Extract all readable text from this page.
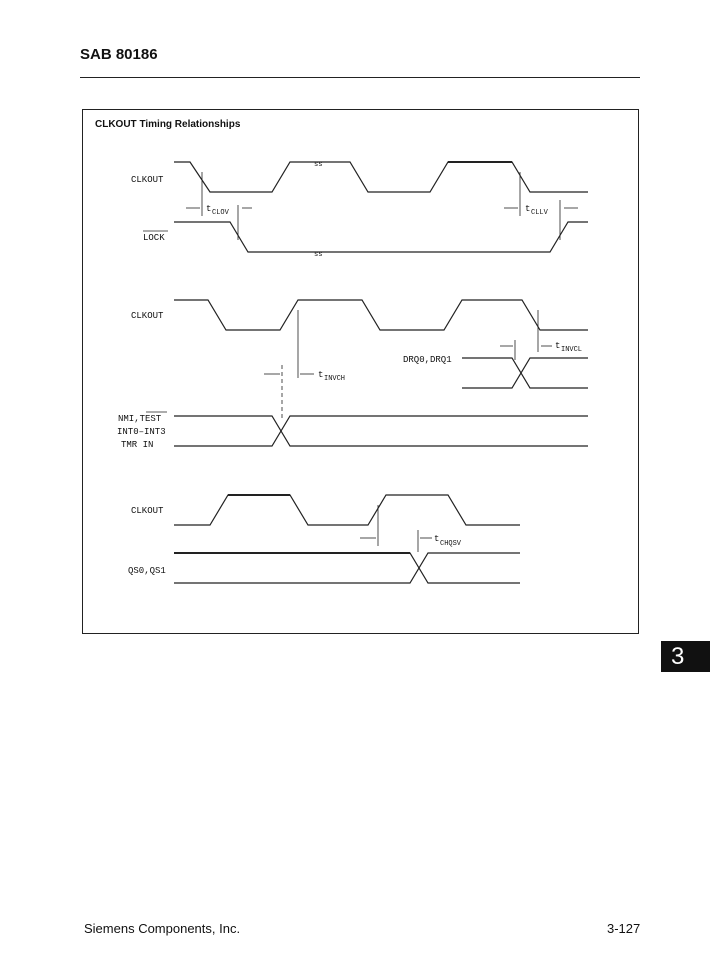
SAB 80186
CLKOUT Timing Relationships
CLKOUT
ss
LOCK
ss
t CLOV	t CLLV
CLKOUT
t INVCH
DRQ0,DRQ1
t INVCL
NMI,TEST
INT0–INT3
TMR IN
CLKOUT
t CHQSV
QS0,QS1
3
Siemens Components, Inc.	3-127
